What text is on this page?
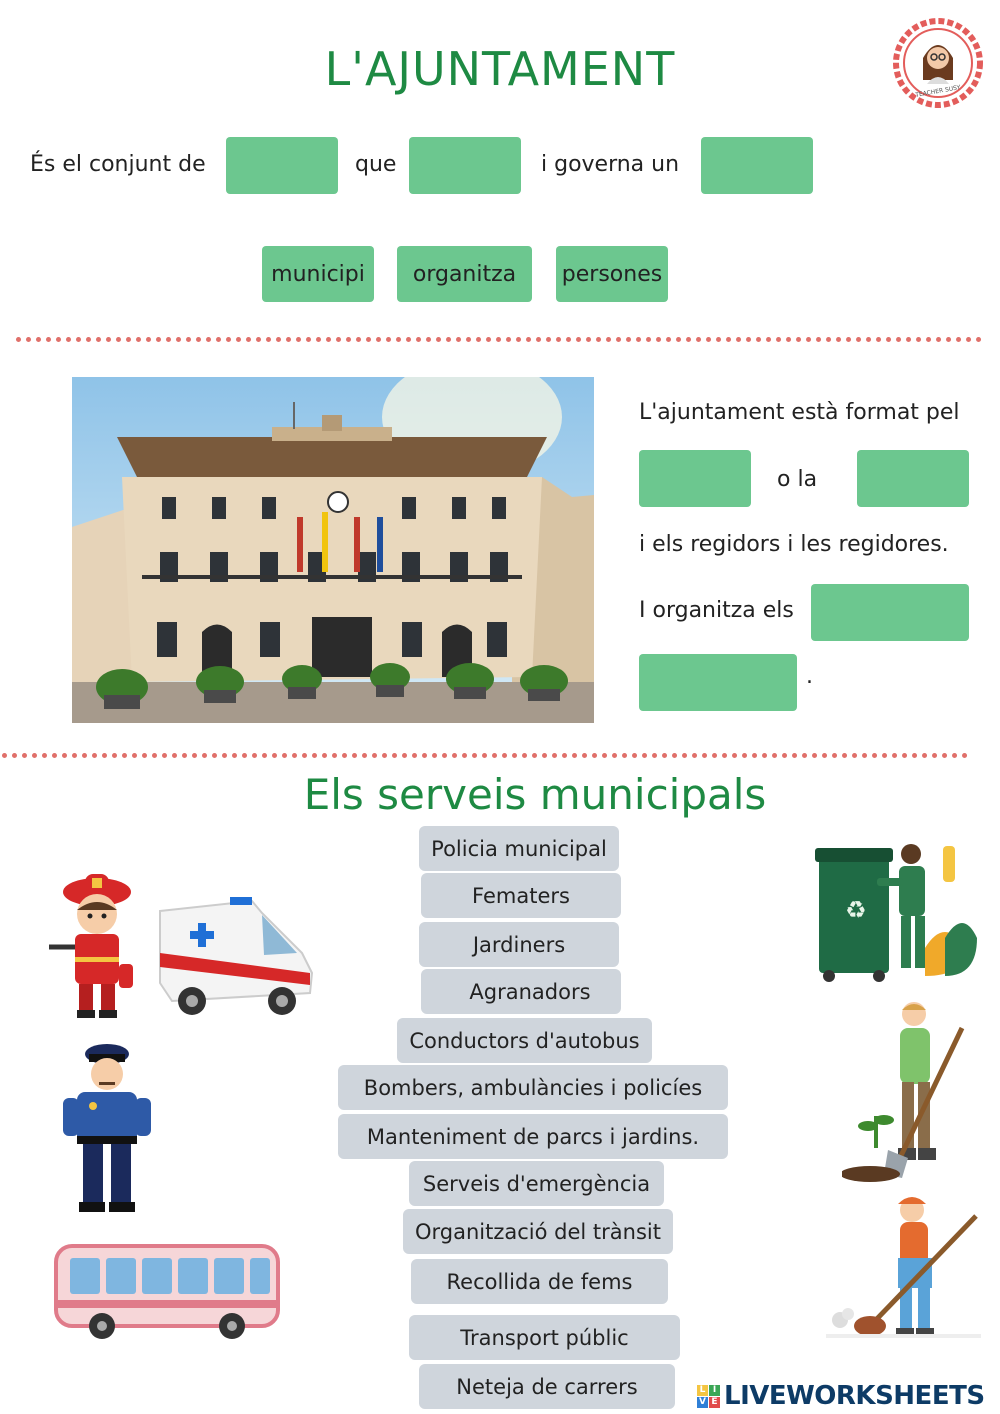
L'AJUNTAMENT	TEACHER SUSY
És el conjunt de	que	i governa un
municipi	organitza	persones
L'ajuntament està format pel
o la
i els regidors i les regidores.
I organitza els
.
Els serveis municipals
Policia municipal
Fematers
Jardiners
Agranadors
Conductors d'autobus
Bombers, ambulàncies i policíes
Manteniment de parcs i jardins.
Serveis d'emergència
Organització del trànsit
Recollida de fems
Transport públic
Neteja de carrers
♻
L I
V E LIVEWORKSHEETS
